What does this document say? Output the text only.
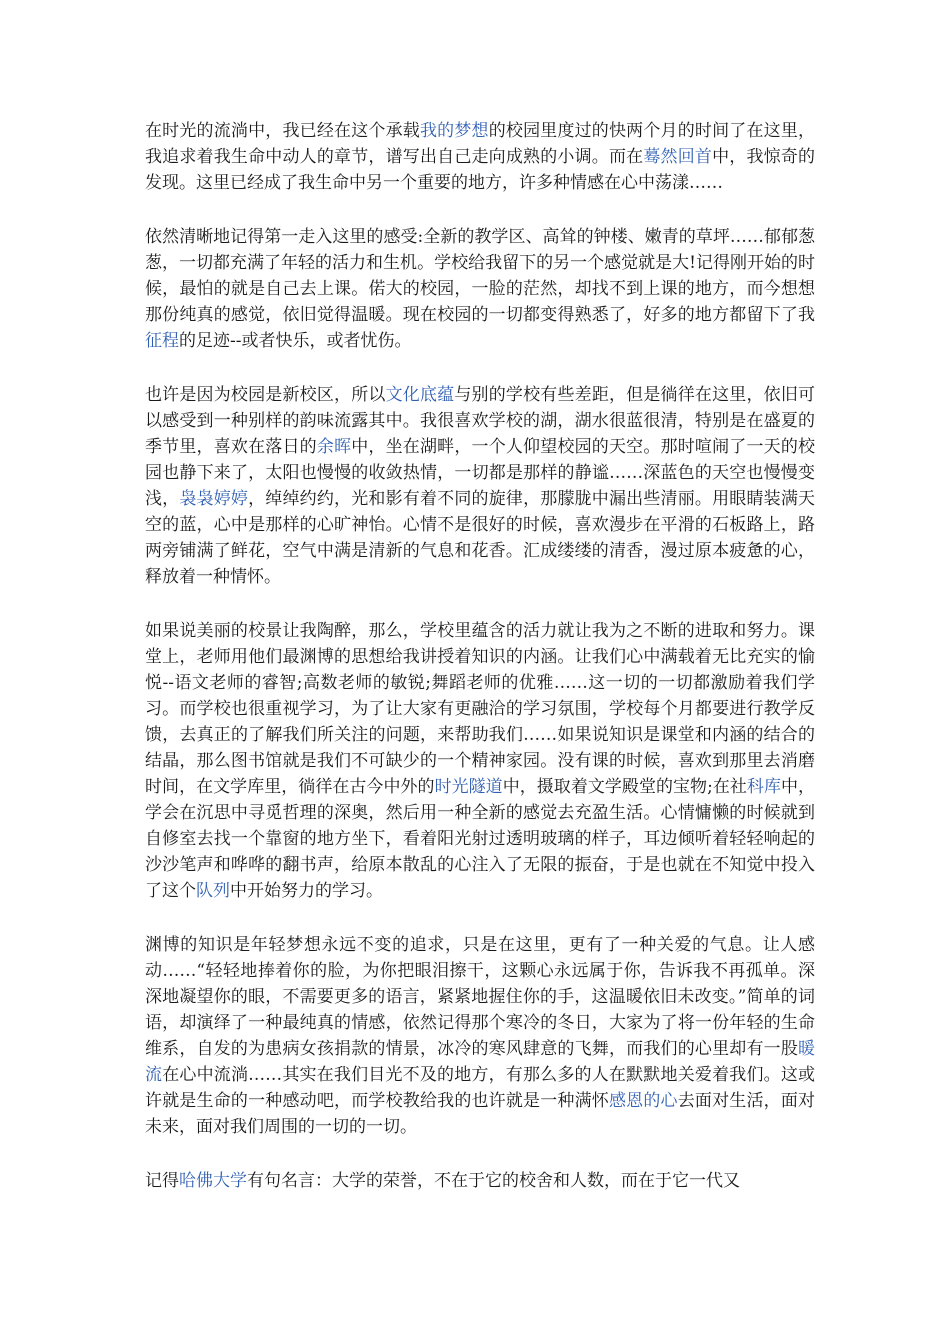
在时光的流淌中，我已经在这个承载我的梦想的校园里度过的快两个月的时间了在这里，我追求着我生命中动人的章节，谱写出自己走向成熟的小调。而在蓦然回首中，我惊奇的发现。这里已经成了我生命中另一个重要的地方，许多种情感在心中荡漾……

依然清晰地记得第一走入这里的感受:全新的教学区、高耸的钟楼、嫩青的草坪……郁郁葱葱，一切都充满了年轻的活力和生机。学校给我留下的另一个感觉就是大!记得刚开始的时候，最怕的就是自己去上课。偌大的校园，一脸的茫然，却找不到上课的地方，而今想想那份纯真的感觉，依旧觉得温暖。现在校园的一切都变得熟悉了，好多的地方都留下了我征程的足迹--或者快乐，或者忧伤。

也许是因为校园是新校区，所以文化底蕴与别的学校有些差距，但是徜徉在这里，依旧可以感受到一种别样的韵味流露其中。我很喜欢学校的湖，湖水很蓝很清，特别是在盛夏的季节里，喜欢在落日的余晖中，坐在湖畔，一个人仰望校园的天空。那时喧闹了一天的校园也静下来了，太阳也慢慢的收敛热情，一切都是那样的静谧……深蓝色的天空也慢慢变浅，袅袅婷婷，绰绰约约，光和影有着不同的旋律，那朦胧中漏出些清丽。用眼睛装满天空的蓝，心中是那样的心旷神怡。心情不是很好的时候，喜欢漫步在平滑的石板路上，路两旁铺满了鲜花，空气中满是清新的气息和花香。汇成缕缕的清香，漫过原本疲惫的心，释放着一种情怀。

如果说美丽的校景让我陶醉，那么，学校里蕴含的活力就让我为之不断的进取和努力。课堂上，老师用他们最渊博的思想给我讲授着知识的内涵。让我们心中满载着无比充实的愉悦--语文老师的睿智;高数老师的敏锐;舞蹈老师的优雅……这一切的一切都激励着我们学习。而学校也很重视学习，为了让大家有更融洽的学习氛围，学校每个月都要进行教学反馈，去真正的了解我们所关注的问题，来帮助我们……如果说知识是课堂和内涵的结合的结晶，那么图书馆就是我们不可缺少的一个精神家园。没有课的时候，喜欢到那里去消磨时间，在文学库里，徜徉在古今中外的时光隧道中，摄取着文学殿堂的宝物;在社科库中，学会在沉思中寻觅哲理的深奥，然后用一种全新的感觉去充盈生活。心情慵懒的时候就到自修室去找一个靠窗的地方坐下，看着阳光射过透明玻璃的样子，耳边倾听着轻轻响起的沙沙笔声和哗哗的翻书声，给原本散乱的心注入了无限的振奋，于是也就在不知觉中投入了这个队列中开始努力的学习。

渊博的知识是年轻梦想永远不变的追求，只是在这里，更有了一种关爱的气息。让人感动……“轻轻地捧着你的脸，为你把眼泪擦干，这颗心永远属于你，告诉我不再孤单。深深地凝望你的眼，不需要更多的语言，紧紧地握住你的手，这温暖依旧未改变。”简单的词语，却演绎了一种最纯真的情感，依然记得那个寒冷的冬日，大家为了将一份年轻的生命维系，自发的为患病女孩捐款的情景，冰冷的寒风肆意的飞舞，而我们的心里却有一股暖流在心中流淌……其实在我们目光不及的地方，有那么多的人在默默地关爱着我们。这或许就是生命的一种感动吧，而学校教给我的也许就是一种满怀感恩的心去面对生活，面对未来，面对我们周围的一切的一切。

记得哈佛大学有句名言：大学的荣誉，不在于它的校舍和人数，而在于它一代又
